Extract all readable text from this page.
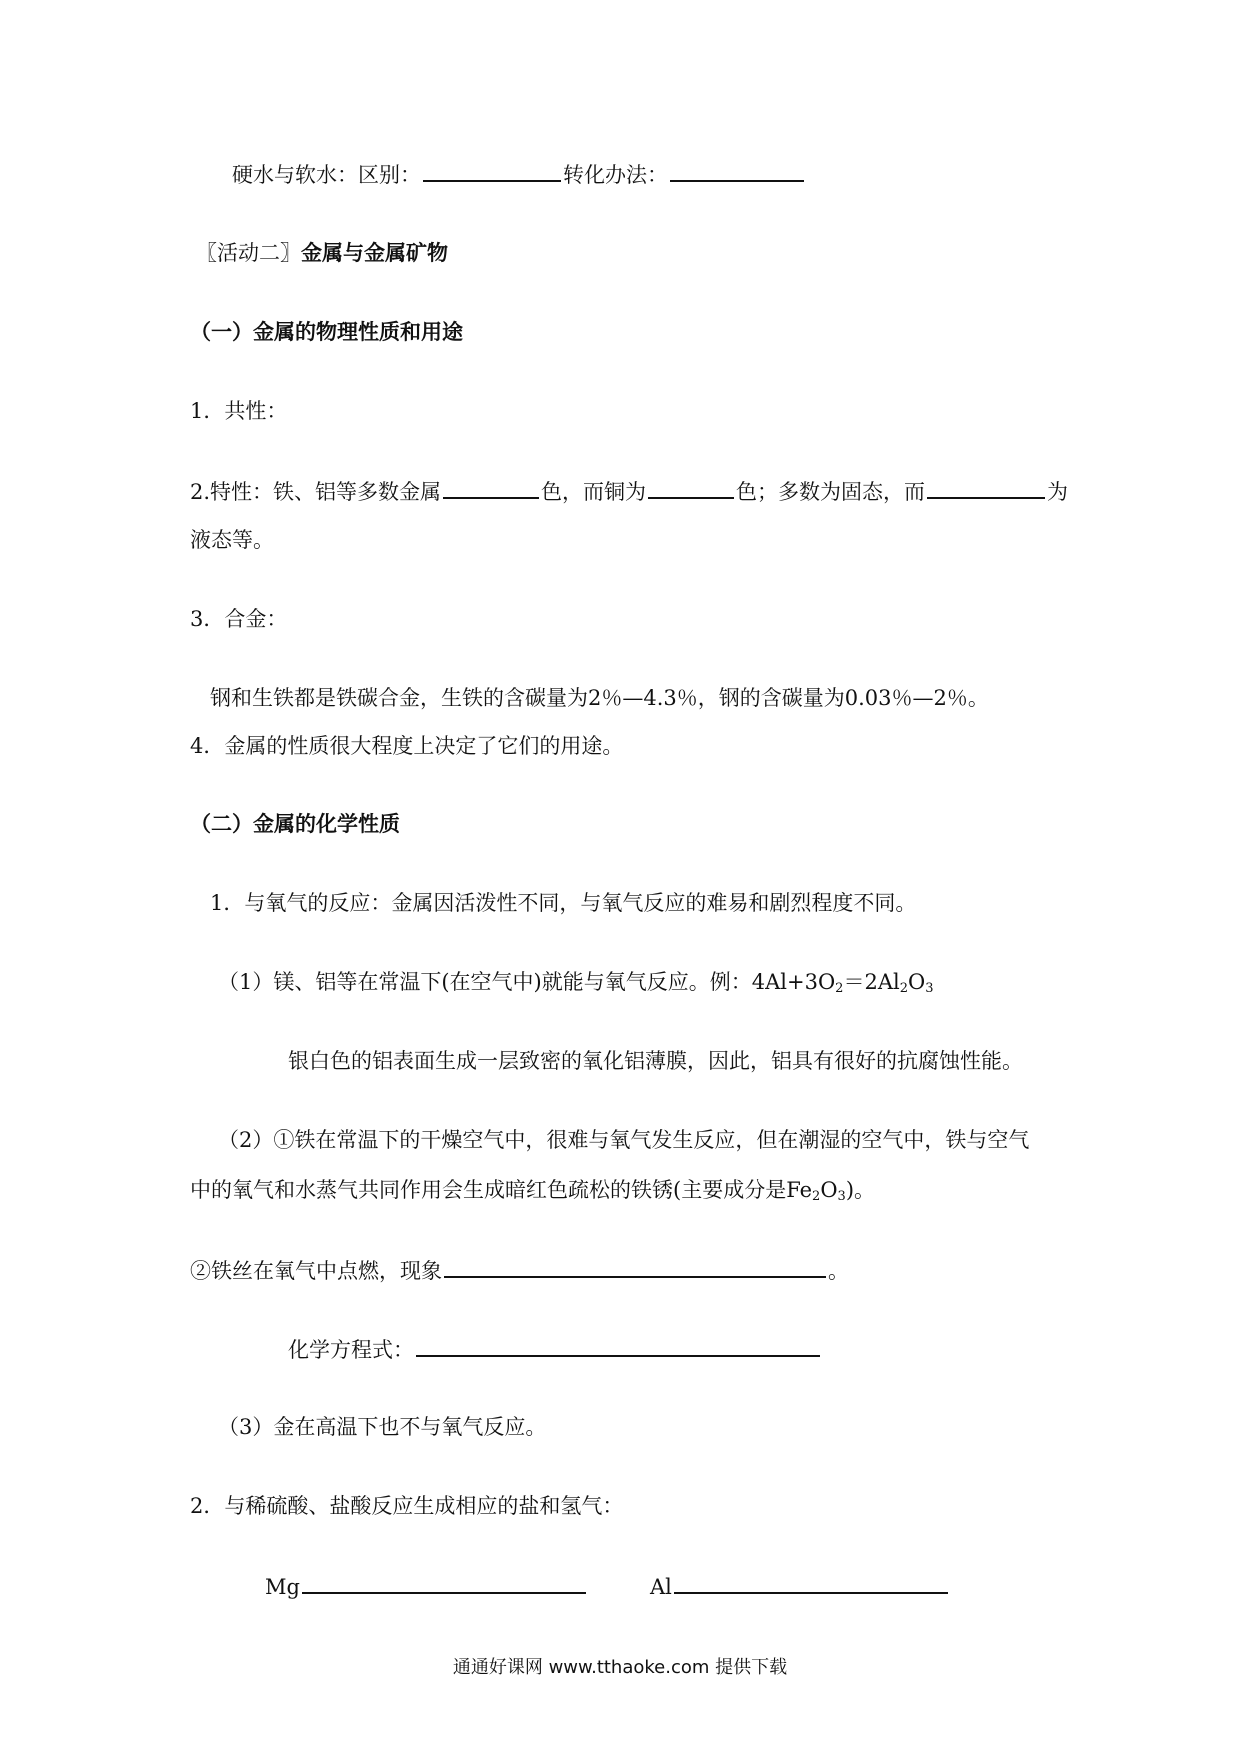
硬水与软水：区别：	转化办法：
〖活动二〗金属与金属矿物
（一）金属的物理性质和用途
1．共性：
2.特性：铁、铝等多数金属	色，而铜为	色；多数为固态，而	为
液态等。
3．合金：
钢和生铁都是铁碳合金，生铁的含碳量为2％—4.3％，钢的含碳量为0.03％—2％。
4．金属的性质很大程度上决定了它们的用途。
（二）金属的化学性质
1．与氧气的反应：金属因活泼性不同，与氧气反应的难易和剧烈程度不同。
（1）镁、铝等在常温下(在空气中)就能与氧气反应。例：$4Al+3O_2=2Al_2O_3$
银白色的铝表面生成一层致密的氧化铝薄膜，因此，铝具有很好的抗腐蚀性能。
（2）①铁在常温下的干燥空气中，很难与氧气发生反应，但在潮湿的空气中，铁与空气
中的氧气和水蒸气共同作用会生成暗红色疏松的铁锈(主要成分是$Fe_2O_3$)。
②铁丝在氧气中点燃，现象	。
化学方程式：
（3）金在高温下也不与氧气反应。
2．与稀硫酸、盐酸反应生成相应的盐和氢气：
Mg	Al
通通好课网 www.tthaoke.com 提供下载
